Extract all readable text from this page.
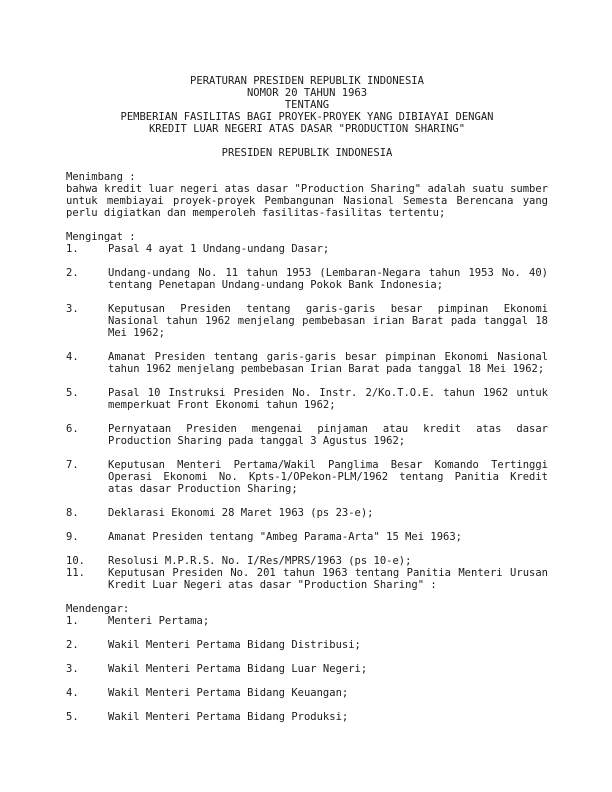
PERATURAN PRESIDEN REPUBLIK INDONESIA
NOMOR 20 TAHUN 1963
TENTANG
PEMBERIAN FASILITAS BAGI PROYEK-PROYEK YANG DIBIAYAI DENGAN
KREDIT LUAR NEGERI ATAS DASAR "PRODUCTION SHARING"
PRESIDEN REPUBLIK INDONESIA
Menimbang :
bahwa kredit luar negeri atas dasar "Production Sharing" adalah suatu sumber untuk membiayai proyek-proyek Pembangunan Nasional Semesta Berencana yang perlu digiatkan dan memperoleh fasilitas-fasilitas tertentu;
Mengingat :
1.	Pasal 4 ayat 1 Undang-undang Dasar;
2.	Undang-undang No. 11 tahun 1953 (Lembaran-Negara tahun 1953 No. 40) tentang Penetapan Undang-undang Pokok Bank Indonesia;
3.	Keputusan Presiden tentang garis-garis besar pimpinan Ekonomi Nasional tahun 1962 menjelang pembebasan irian Barat pada tanggal 18 Mei 1962;
4.	Amanat Presiden tentang garis-garis besar pimpinan Ekonomi Nasional tahun 1962 menjelang pembebasan Irian Barat pada tanggal 18 Mei 1962;
5.	Pasal 10 Instruksi Presiden No. Instr. 2/Ko.T.O.E. tahun 1962 untuk memperkuat Front Ekonomi tahun 1962;
6.	Pernyataan Presiden mengenai pinjaman atau kredit atas dasar Production Sharing pada tanggal 3 Agustus 1962;
7.	Keputusan Menteri Pertama/Wakil Panglima Besar Komando Tertinggi Operasi Ekonomi No. Kpts-1/OPekon-PLM/1962 tentang Panitia Kredit atas dasar Production Sharing;
8.	Deklarasi Ekonomi 28 Maret 1963 (ps 23-e);
9.	Amanat Presiden tentang "Ambeg Parama-Arta" 15 Mei 1963;
10.	Resolusi M.P.R.S. No. I/Res/MPRS/1963 (ps 10-e);
11.	Keputusan Presiden No. 201 tahun 1963 tentang Panitia Menteri Urusan Kredit Luar Negeri atas dasar "Production Sharing" :
Mendengar:
1.	Menteri Pertama;
2.	Wakil Menteri Pertama Bidang Distribusi;
3.	Wakil Menteri Pertama Bidang Luar Negeri;
4.	Wakil Menteri Pertama Bidang Keuangan;
5.	Wakil Menteri Pertama Bidang Produksi;
